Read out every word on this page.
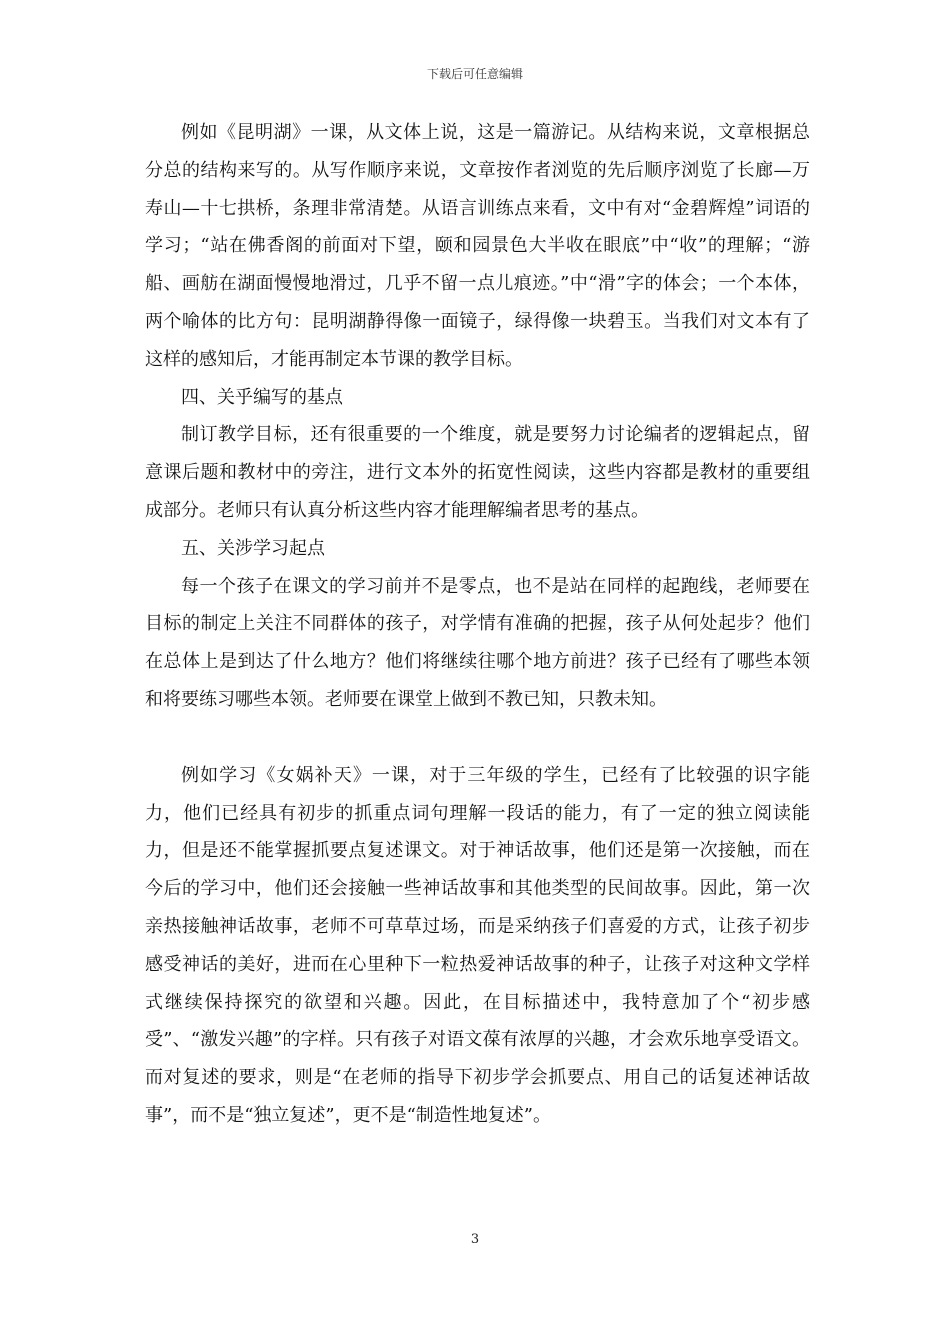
下载后可任意编辑

例如《昆明湖》一课，从文体上说，这是一篇游记。从结构来说，文章根据总分总的结构来写的。从写作顺序来说，文章按作者浏览的先后顺序浏览了长廊—万寿山—十七拱桥，条理非常清楚。从语言训练点来看，文中有对“金碧辉煌”词语的学习；“站在佛香阁的前面对下望，颐和园景色大半收在眼底”中“收”的理解；“游船、画舫在湖面慢慢地滑过，几乎不留一点儿痕迹。”中“滑”字的体会；一个本体，两个喻体的比方句：昆明湖静得像一面镜子，绿得像一块碧玉。当我们对文本有了这样的感知后，才能再制定本节课的教学目标。

四、关乎编写的基点

制订教学目标，还有很重要的一个维度，就是要努力讨论编者的逻辑起点，留意课后题和教材中的旁注，进行文本外的拓宽性阅读，这些内容都是教材的重要组成部分。老师只有认真分析这些内容才能理解编者思考的基点。

五、关涉学习起点

每一个孩子在课文的学习前并不是零点，也不是站在同样的起跑线，老师要在目标的制定上关注不同群体的孩子，对学情有准确的把握，孩子从何处起步？他们在总体上是到达了什么地方？他们将继续往哪个地方前进？孩子已经有了哪些本领和将要练习哪些本领。老师要在课堂上做到不教已知，只教未知。

例如学习《女娲补天》一课，对于三年级的学生，已经有了比较强的识字能力，他们已经具有初步的抓重点词句理解一段话的能力，有了一定的独立阅读能力，但是还不能掌握抓要点复述课文。对于神话故事，他们还是第一次接触，而在今后的学习中，他们还会接触一些神话故事和其他类型的民间故事。因此，第一次亲热接触神话故事，老师不可草草过场，而是采纳孩子们喜爱的方式，让孩子初步感受神话的美好，进而在心里种下一粒热爱神话故事的种子，让孩子对这种文学样式继续保持探究的欲望和兴趣。因此，在目标描述中，我特意加了个“初步感受”、“激发兴趣”的字样。只有孩子对语文葆有浓厚的兴趣，才会欢乐地享受语文。而对复述的要求，则是“在老师的指导下初步学会抓要点、用自己的话复述神话故事”，而不是“独立复述”，更不是“制造性地复述”。

3
